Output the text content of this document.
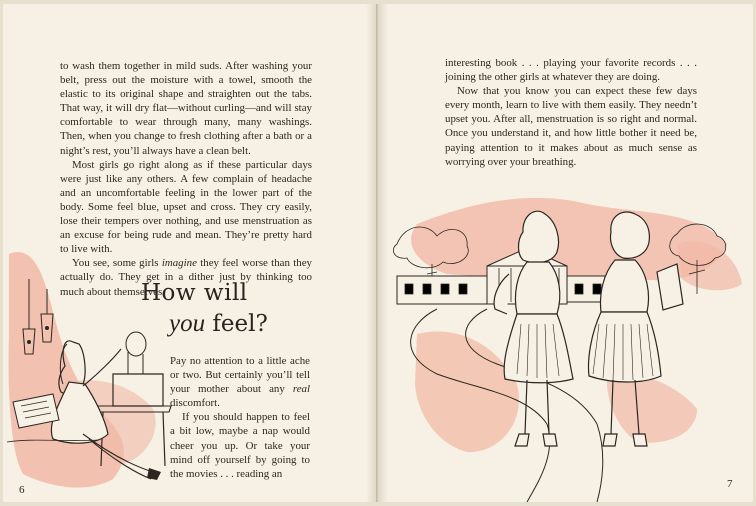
to wash them together in mild suds. After washing your belt, press out the moisture with a towel, smooth the elastic to its original shape and straighten out the tabs. That way, it will dry flat—without curling—and will stay comfortable to wear through many, many washings. Then, when you change to fresh clothing after a bath or a night’s rest, you’ll always have a clean belt.

Most girls go right along as if these particular days were just like any others. A few complain of headache and an uncomfortable feeling in the lower part of the body. Some feel blue, upset and cross. They cry easily, lose their tempers over nothing, and use menstruation as an excuse for being rude and mean. They’re pretty hard to live with.

You see, some girls imagine they feel worse than they actually do. They get in a dither just by thinking too much about themselves.

How will
you feel?

Pay no attention to a little ache or two. But certainly you’ll tell your mother about any real discomfort.

If you should happen to feel a bit low, maybe a nap would cheer you up. Or take your mind off yourself by going to the movies . . . reading an

6

interesting book . . . playing your favorite records . . . joining the other girls at whatever they are doing.

Now that you know you can expect these few days every month, learn to live with them easily. They needn’t upset you. After all, menstruation is so right and normal. Once you understand it, and how little bother it need be, paying attention to it makes about as much sense as worrying over your breathing.

7
